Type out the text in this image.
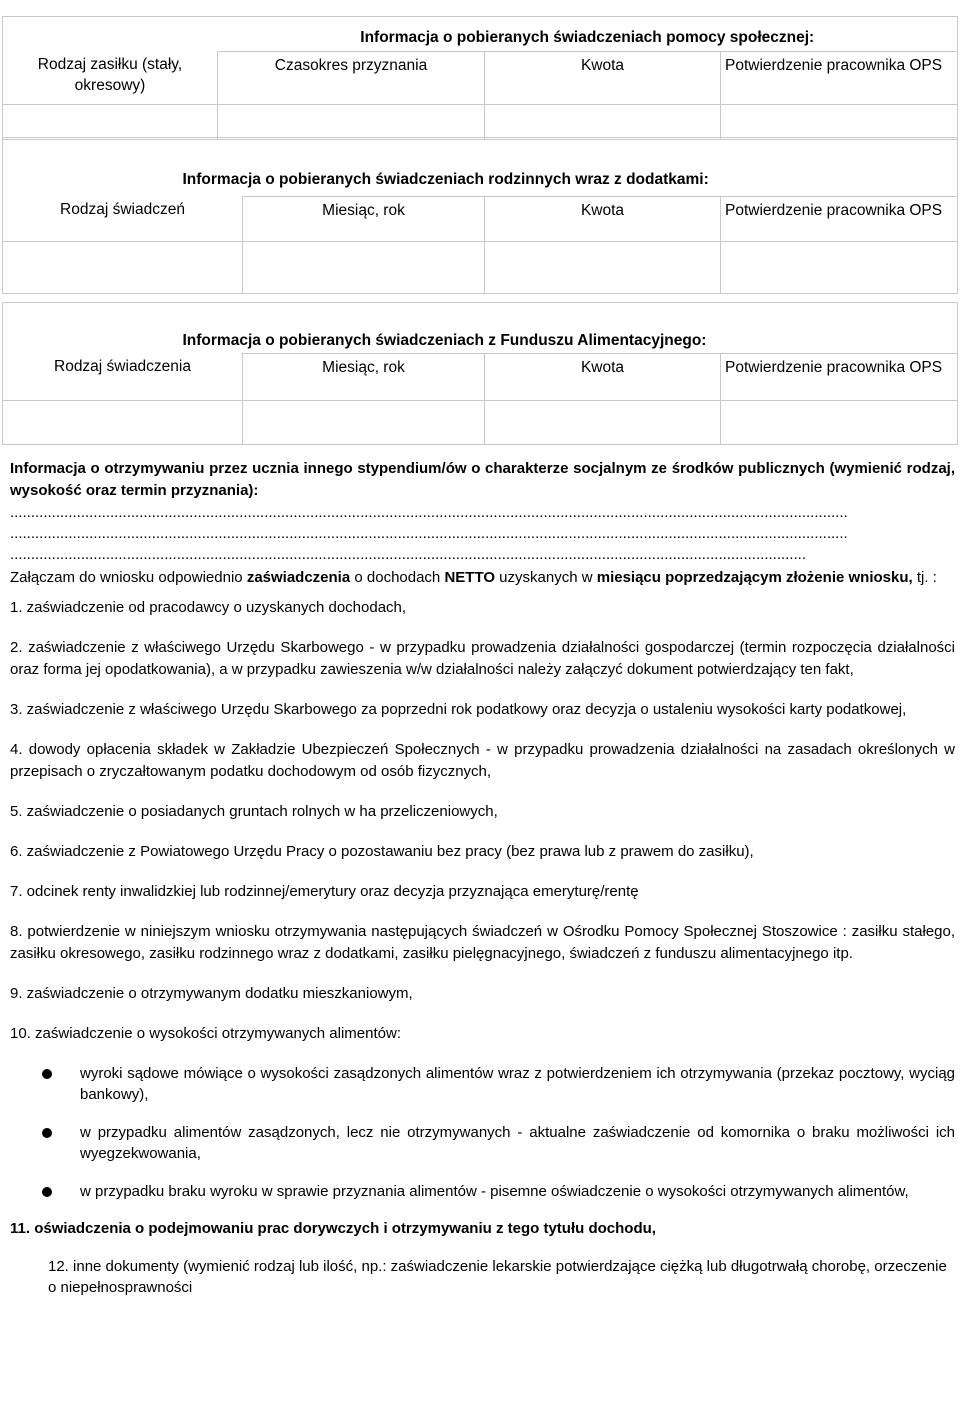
	Informacja o pobieranych świadczeniach pomocy społecznej:		
Rodzaj zasiłku (stały, okresowy)	Czasokres przyznania	Kwota	Potwierdzenie pracownika OPS

	Informacja o pobieranych świadczeniach rodzinnych wraz z dodatkami:		
Rodzaj świadczeń	Miesiąc, rok	Kwota	Potwierdzenie pracownika OPS

	Informacja o pobieranych świadczeniach z Funduszu Alimentacyjnego:		
Rodzaj świadczenia	Miesiąc, rok	Kwota	Potwierdzenie pracownika OPS

Informacja o otrzymywaniu przez ucznia innego stypendium/ów o charakterze socjalnym ze środków publicznych (wymienić rodzaj, wysokość oraz termin przyznania):

.........................................................................................................................................................................................................
.........................................................................................................................................................................................................
...............................................................................................................................................................................................

Załączam do wniosku odpowiednio zaświadczenia o dochodach NETTO uzyskanych w miesiącu poprzedzającym złożenie wniosku, tj. :

1. zaświadczenie od pracodawcy o uzyskanych dochodach,

2. zaświadczenie z właściwego Urzędu Skarbowego - w przypadku prowadzenia działalności gospodarczej (termin rozpoczęcia działalności oraz forma jej opodatkowania), a w przypadku zawieszenia w/w działalności należy załączyć dokument potwierdzający ten fakt,

3. zaświadczenie z właściwego Urzędu Skarbowego za poprzedni rok podatkowy oraz decyzja o ustaleniu wysokości karty podatkowej,

4. dowody opłacenia składek w Zakładzie Ubezpieczeń Społecznych - w przypadku prowadzenia działalności na zasadach określonych w przepisach o zryczałtowanym podatku dochodowym od osób fizycznych,

5. zaświadczenie o posiadanych gruntach rolnych w ha przeliczeniowych,

6. zaświadczenie z Powiatowego Urzędu Pracy o pozostawaniu bez pracy (bez prawa lub z prawem do zasiłku),

7. odcinek renty inwalidzkiej lub rodzinnej/emerytury oraz decyzja przyznająca emeryturę/rentę

8. potwierdzenie w niniejszym wniosku otrzymywania następujących świadczeń w Ośrodku Pomocy Społecznej Stoszowice : zasiłku stałego, zasiłku okresowego, zasiłku rodzinnego wraz z dodatkami, zasiłku pielęgnacyjnego, świadczeń z funduszu alimentacyjnego itp.

9. zaświadczenie o otrzymywanym dodatku mieszkaniowym,

10. zaświadczenie o wysokości otrzymywanych alimentów:

wyroki sądowe mówiące o wysokości zasądzonych alimentów wraz z potwierdzeniem ich otrzymywania (przekaz pocztowy, wyciąg bankowy),

w przypadku alimentów zasądzonych, lecz nie otrzymywanych - aktualne zaświadczenie od komornika o braku możliwości ich wyegzekwowania,

w przypadku braku wyroku w sprawie przyznania alimentów - pisemne oświadczenie o wysokości otrzymywanych alimentów,

11. oświadczenia o podejmowaniu prac dorywczych i otrzymywaniu z tego tytułu dochodu,

12. inne dokumenty (wymienić rodzaj lub ilość, np.: zaświadczenie lekarskie potwierdzające ciężką lub długotrwałą chorobę, orzeczenie o niepełnosprawności
